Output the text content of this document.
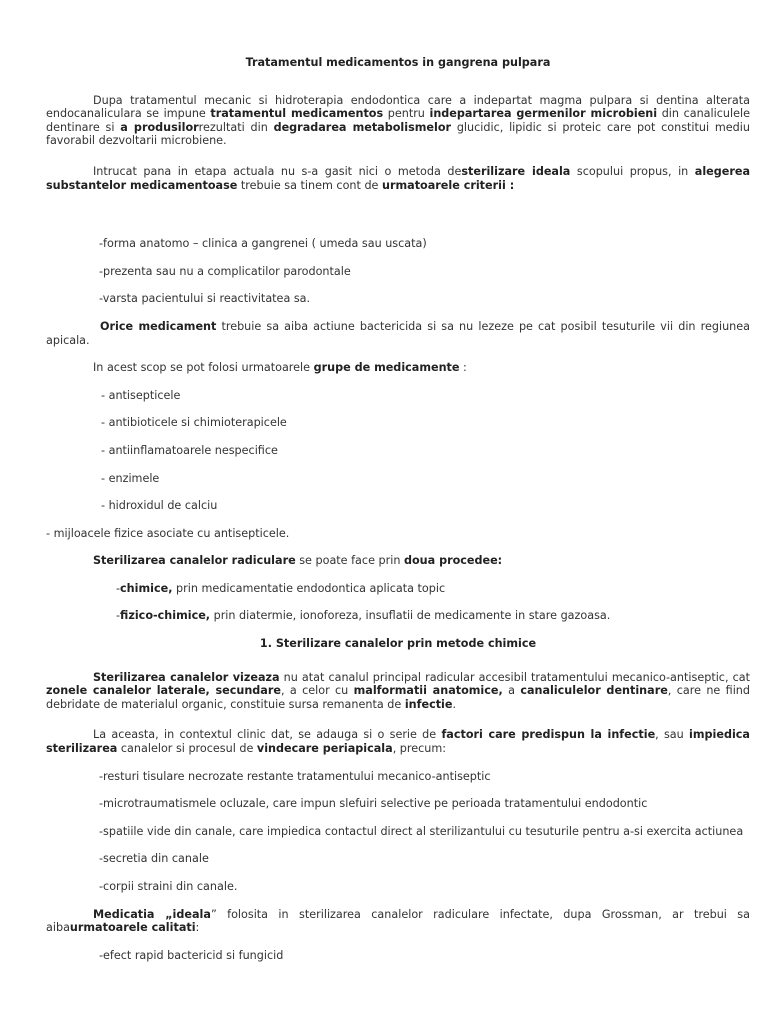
Tratamentul medicamentos in gangrena pulpara

Dupa tratamentul mecanic si hidroterapia endodontica care a indepartat magma pulpara si dentina alterata endocanaliculara se impune tratamentul medicamentos pentru indepartarea germenilor microbieni din canaliculele dentinare si a produsilorrezultati din degradarea metabolismelor glucidic, lipidic si proteic care pot constitui mediu favorabil dezvoltarii microbiene.

Intrucat pana in etapa actuala nu s-a gasit nici o metoda desterilizare ideala scopului propus, in alegerea substantelor medicamentoase trebuie sa tinem cont de urmatoarele criterii :

-forma anatomo – clinica a gangrenei ( umeda sau uscata)

-prezenta sau nu a complicatilor parodontale

-varsta pacientului si reactivitatea sa.

Orice medicament trebuie sa aiba actiune bactericida si sa nu lezeze pe cat posibil tesuturile vii din regiunea apicala.

In acest scop se pot folosi urmatoarele grupe de medicamente :

- antisepticele

- antibioticele si chimioterapicele

- antiinflamatoarele nespecifice

- enzimele

- hidroxidul de calciu

- mijloacele fizice asociate cu antisepticele.

Sterilizarea canalelor radiculare se poate face prin doua procedee:

-chimice, prin medicamentatie endodontica aplicata topic

-fizico-chimice, prin diatermie, ionoforeza, insuflatii de medicamente in stare gazoasa.

1. Sterilizare canalelor prin metode chimice

Sterilizarea canalelor vizeaza nu atat canalul principal radicular accesibil tratamentului mecanico-antiseptic, cat zonele canalelor laterale, secundare, a celor cu malformatii anatomice, a canaliculelor dentinare, care ne fiind debridate de materialul organic, constituie sursa remanenta de infectie.

La aceasta, in contextul clinic dat, se adauga si o serie de factori care predispun la infectie, sau impiedica sterilizarea canalelor si procesul de vindecare periapicala, precum:

-resturi tisulare necrozate restante tratamentului mecanico-antiseptic

-microtraumatismele ocluzale, care impun slefuiri selective pe perioada tratamentului endodontic

-spatiile vide din canale, care impiedica contactul direct al sterilizantului cu tesuturile pentru a-si exercita actiunea

-secretia din canale

-corpii straini din canale.

Medicatia „ideala” folosita in sterilizarea canalelor radiculare infectate, dupa Grossman, ar trebui sa aibaurmatoarele calitati:

-efect rapid bactericid si fungicid
